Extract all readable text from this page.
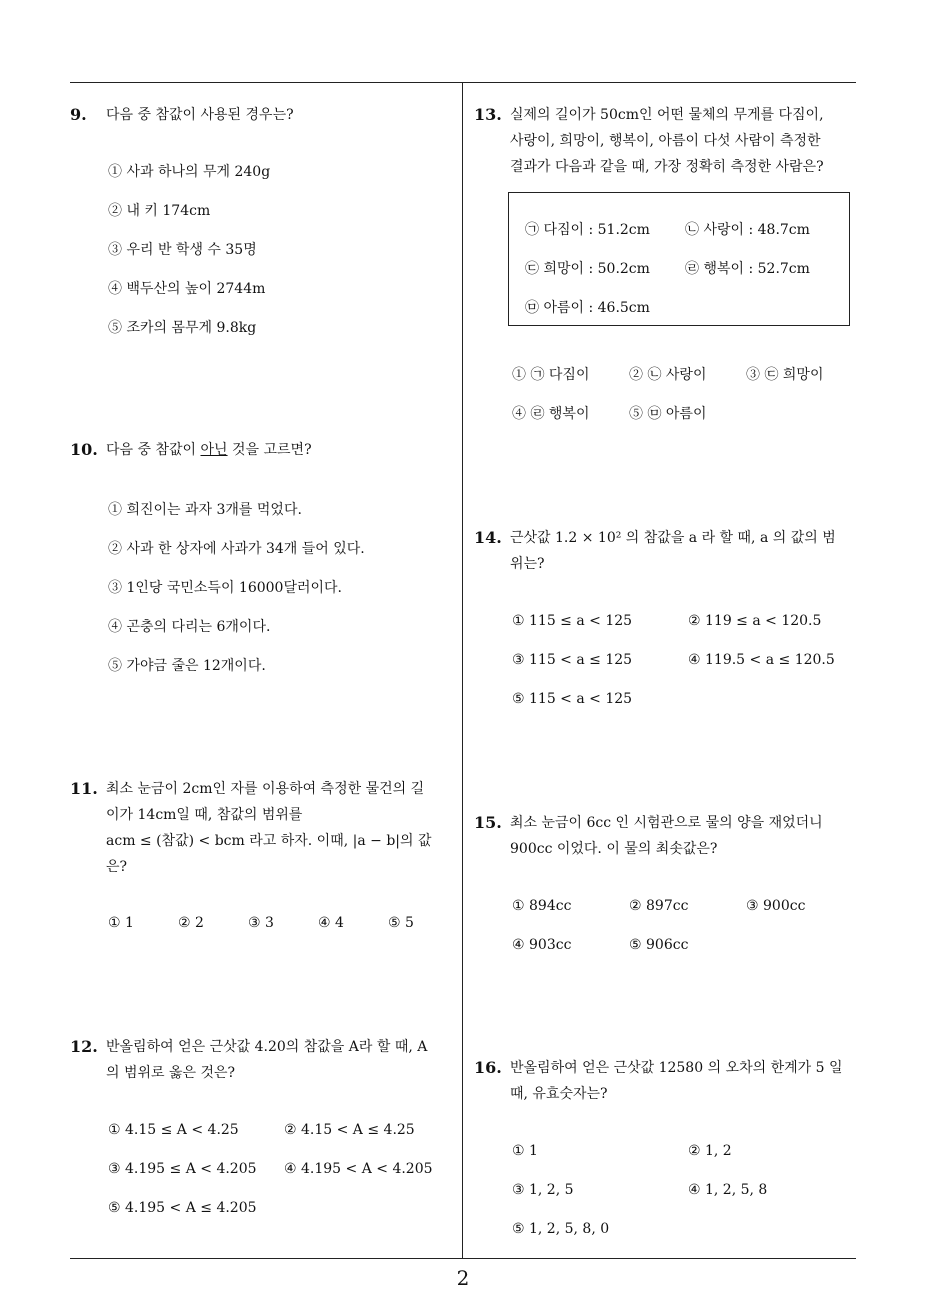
9. 다음 중 참값이 사용된 경우는?
① 사과 하나의 무게 240g
② 내 키 174cm
③ 우리 반 학생 수 35명
④ 백두산의 높이 2744m
⑤ 조카의 몸무게 9.8kg
10. 다음 중 참값이 아닌 것을 고르면?
① 희진이는 과자 3개를 먹었다.
② 사과 한 상자에 사과가 34개 들어 있다.
③ 1인당 국민소득이 16000달러이다.
④ 곤충의 다리는 6개이다.
⑤ 가야금 줄은 12개이다.
11. 최소 눈금이 2cm인 자를 이용하여 측정한 물건의 길
이가 14cm일 때, 참값의 범위를
acm ≤ (참값) < bcm 라고 하자. 이때, |a − b|의 값
은?
① 1	② 2	③ 3	④ 4	⑤ 5
12. 반올림하여 얻은 근삿값 4.20의 참값을 A라 할 때, A
의 범위로 옳은 것은?
① 4.15 ≤ A < 4.25	② 4.15 < A ≤ 4.25
③ 4.195 ≤ A < 4.205 ④ 4.195 < A < 4.205
⑤ 4.195 < A ≤ 4.205
13. 실제의 길이가 50cm인 어떤 물체의 무게를 다짐이,
사랑이, 희망이, 행복이, 아름이 다섯 사람이 측정한
결과가 다음과 같을 때, 가장 정확히 측정한 사람은?
㉠ 다짐이 : 51.2cm	㉡ 사랑이 : 48.7cm
㉢ 희망이 : 50.2cm	㉣ 행복이 : 52.7cm
㉤ 아름이 : 46.5cm
① ㉠ 다짐이	② ㉡ 사랑이	③ ㉢ 희망이
④ ㉣ 행복이	⑤ ㉤ 아름이
14. 근삿값 1.2 × 10² 의 참값을 a 라 할 때, a 의 값의 범
위는?
① 115 ≤ a < 125	② 119 ≤ a < 120.5
③ 115 < a ≤ 125	④ 119.5 < a ≤ 120.5
⑤ 115 < a < 125
15. 최소 눈금이 6cc 인 시험관으로 물의 양을 재었더니
900cc 이었다. 이 물의 최솟값은?
① 894cc	② 897cc	③ 900cc
④ 903cc	⑤ 906cc
16. 반올림하여 얻은 근삿값 12580 의 오차의 한계가 5 일
때, 유효숫자는?
① 1	② 1, 2
③ 1, 2, 5	④ 1, 2, 5, 8
⑤ 1, 2, 5, 8, 0
2
